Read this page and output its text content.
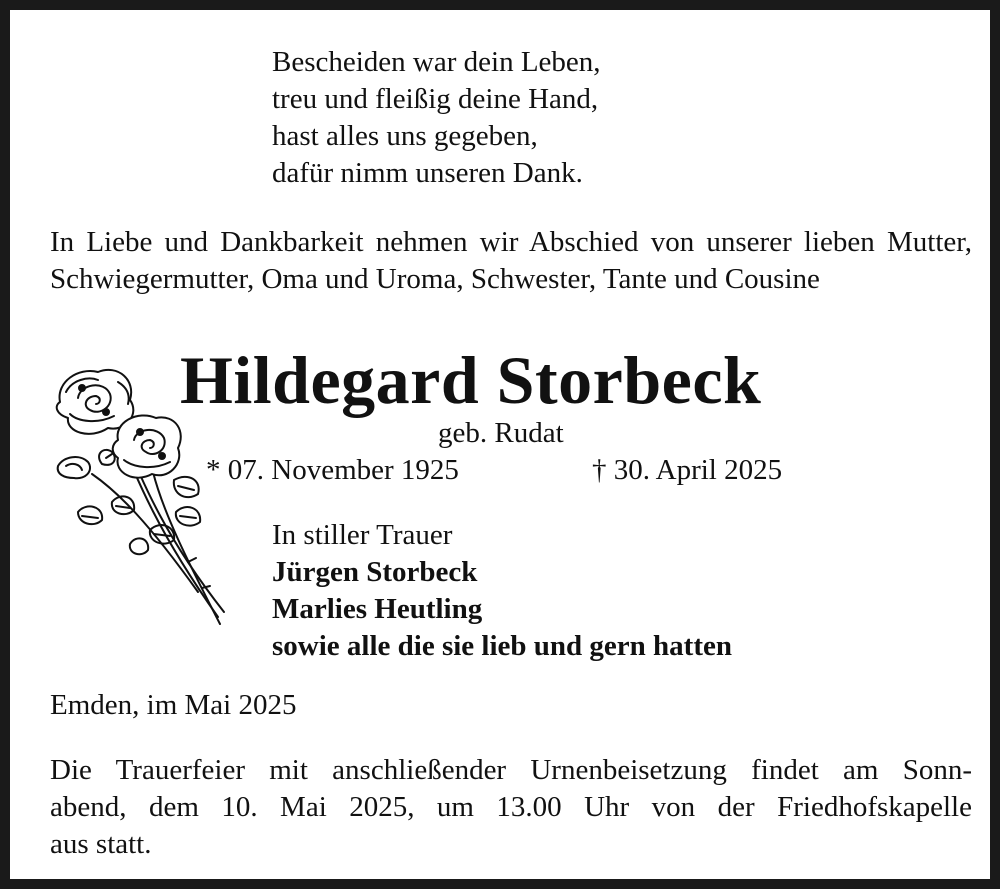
Bescheiden war dein Leben,
treu und fleißig deine Hand,
hast alles uns gegeben,
dafür nimm unseren Dank.
In Liebe und Dankbarkeit nehmen wir Abschied von unserer lieben Mutter, Schwiegermutter, Oma und Uroma, Schwester, Tante und Cousine
Hildegard Storbeck
geb. Rudat
* 07. November 1925	† 30. April 2025
In stiller Trauer
Jürgen Storbeck
Marlies Heutling
sowie alle die sie lieb und gern hatten
Emden, im Mai 2025
Die Trauerfeier mit anschließender Urnenbeisetzung findet am Sonn-
abend, dem 10. Mai 2025, um 13.00 Uhr von der Friedhofskapelle
aus statt.
